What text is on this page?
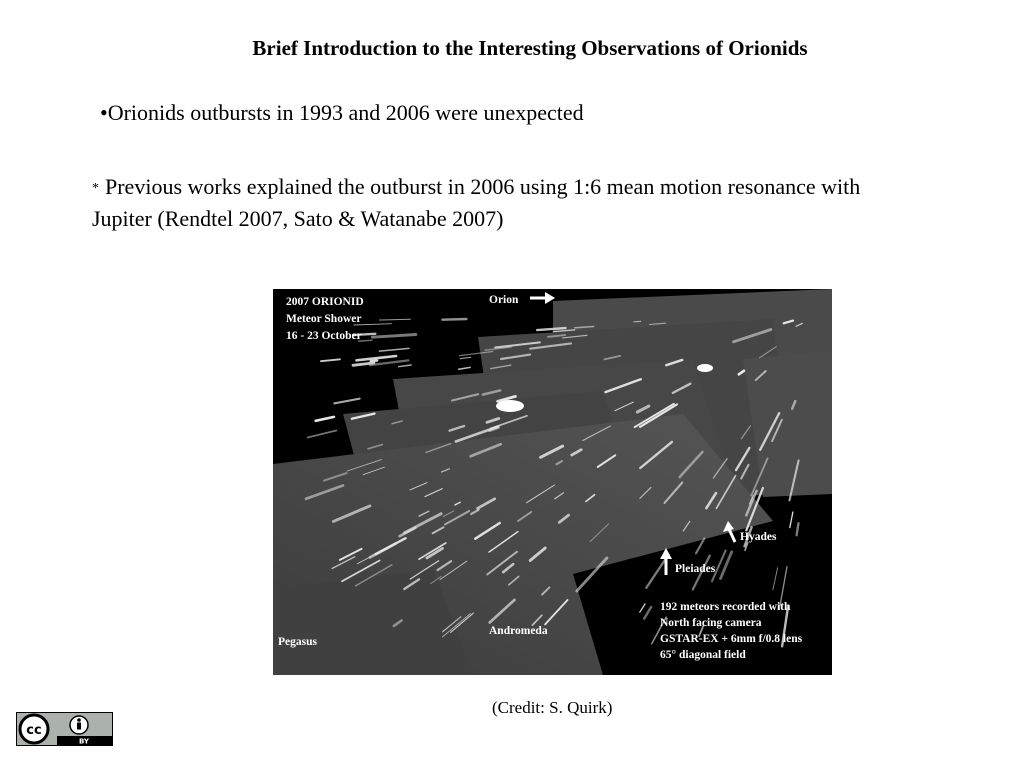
Brief Introduction to the Interesting Observations of Orionids
•Orionids outbursts in 1993 and 2006 were unexpected
* Previous works explained the outburst in 2006 using 1:6 mean motion resonance with Jupiter (Rendtel 2007, Sato & Watanabe 2007)
2007 ORIONID Meteor Shower 16 - 23 October
Orion
Hyades
Pleiades
192 meteors recorded with North facing camera GSTAR-EX + 6mm f/0.8 lens 65° diagonal field
Pegasus
Andromeda
(Credit: S. Quirk)
cc
BY
